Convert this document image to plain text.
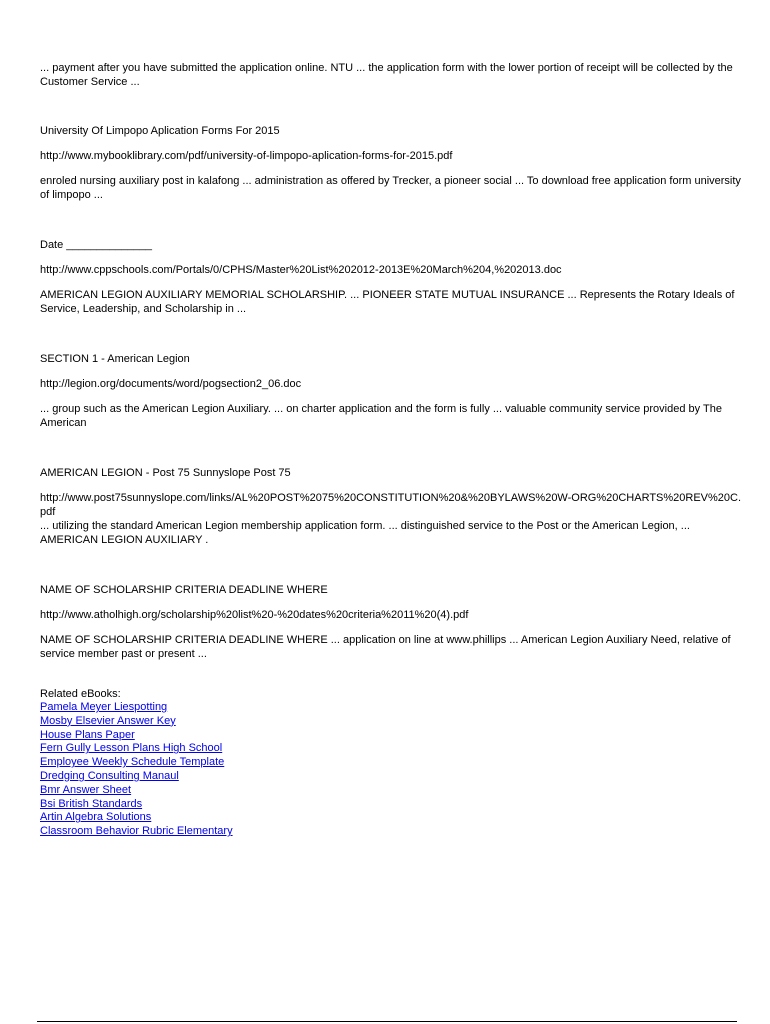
... payment after you have submitted the application online. NTU ... the application form with the lower portion of receipt will be collected by the Customer Service ...

University Of Limpopo Aplication Forms For 2015

http://www.mybooklibrary.com/pdf/university-of-limpopo-aplication-forms-for-2015.pdf

enroled nursing auxiliary post in kalafong ... administration as offered by Trecker, a pioneer social ... To download free application form university of limpopo ...

Date ______________

http://www.cppschools.com/Portals/0/CPHS/Master%20List%202012-2013E%20March%204,%202013.doc

AMERICAN LEGION AUXILIARY MEMORIAL SCHOLARSHIP. ... PIONEER STATE MUTUAL INSURANCE ... Represents the Rotary Ideals of Service, Leadership, and Scholarship in ...

SECTION 1 - American Legion

http://legion.org/documents/word/pogsection2_06.doc

... group such as the American Legion Auxiliary. ... on charter application and the form is fully ... valuable community service provided by The American

AMERICAN LEGION - Post 75 Sunnyslope Post 75

http://www.post75sunnyslope.com/links/AL%20POST%2075%20CONSTITUTION%20&%20BYLAWS%20W-ORG%20CHARTS%20REV%20C.pdf

... utilizing the standard American Legion membership application form. ... distinguished service to the Post or the American Legion, ... AMERICAN LEGION AUXILIARY .

NAME OF SCHOLARSHIP CRITERIA DEADLINE WHERE

http://www.atholhigh.org/scholarship%20list%20-%20dates%20criteria%2011%20(4).pdf

NAME OF SCHOLARSHIP CRITERIA DEADLINE WHERE ... application on line at www.phillips ... American Legion Auxiliary Need, relative of service member past or present ...

Related eBooks:

Pamela Meyer Liespotting
Mosby Elsevier Answer Key
House Plans Paper
Fern Gully Lesson Plans High School
Employee Weekly Schedule Template
Dredging Consulting Manaul
Bmr Answer Sheet
Bsi British Standards
Artin Algebra Solutions
Classroom Behavior Rubric Elementary
